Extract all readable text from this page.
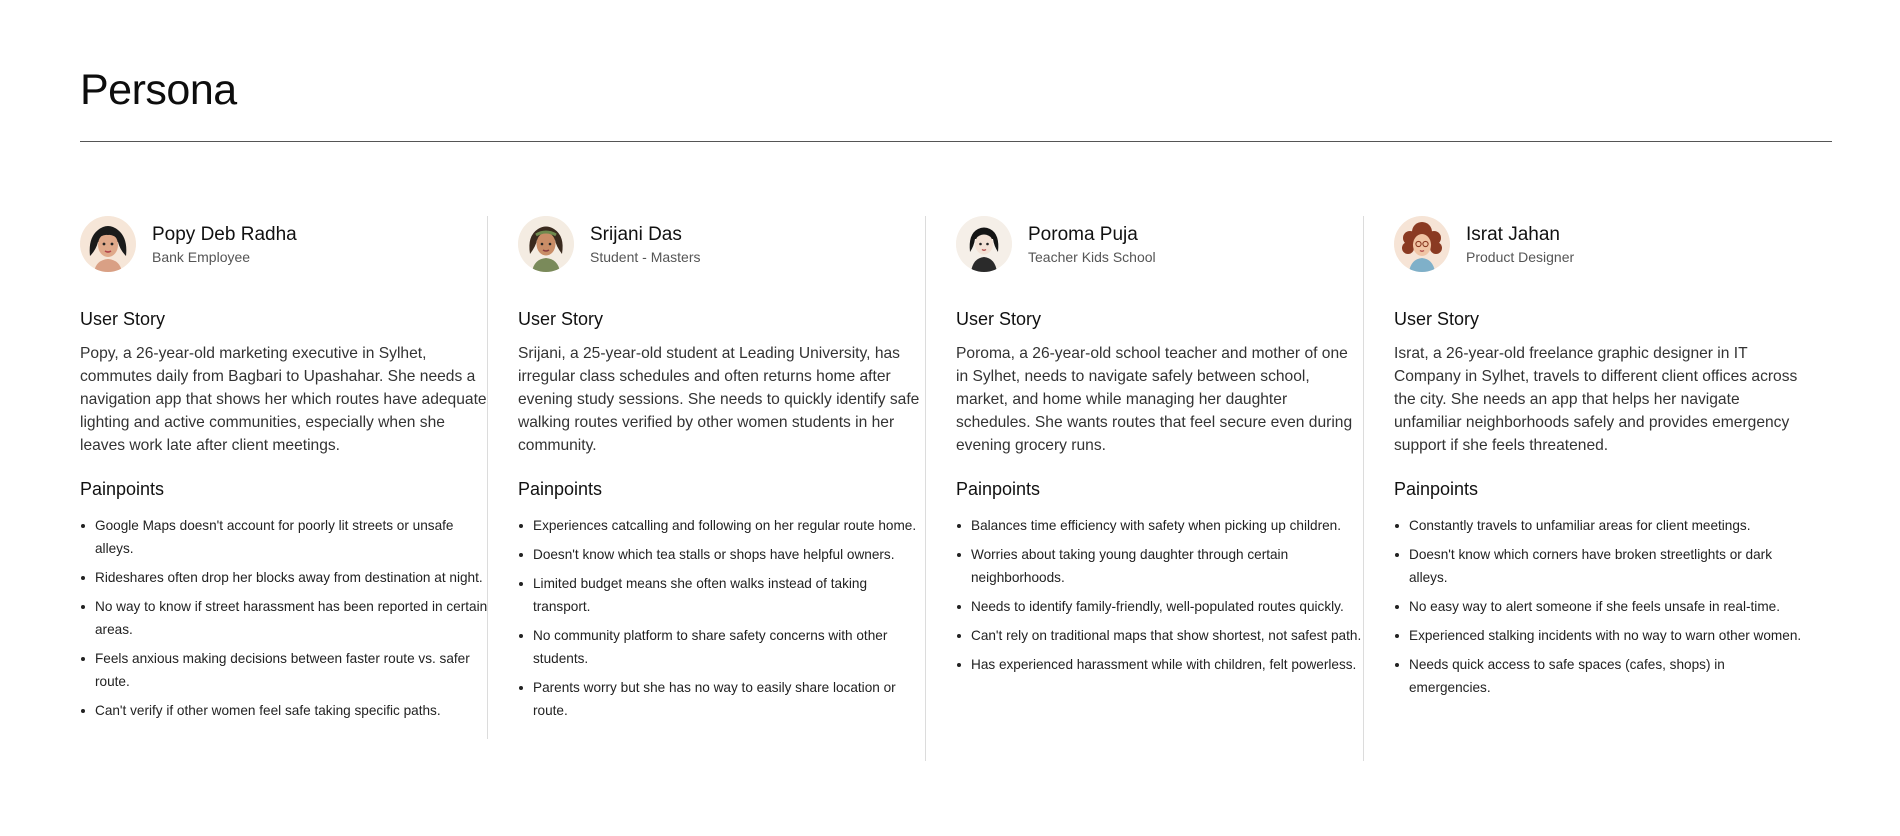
Persona
Popy Deb Radha
Bank Employee
User Story
Popy, a 26-year-old marketing executive in Sylhet, commutes daily from Bagbari to Upashahar. She needs a navigation app that shows her which routes have adequate lighting and active communities, especially when she leaves work late after client meetings.
Painpoints
Google Maps doesn't account for poorly lit streets or unsafe alleys.
Rideshares often drop her blocks away from destination at night.
No way to know if street harassment has been reported in certain areas.
Feels anxious making decisions between faster route vs. safer route.
Can't verify if other women feel safe taking specific paths.
Srijani Das
Student - Masters
User Story
Srijani, a 25-year-old student at Leading University, has irregular class schedules and often returns home after evening study sessions. She needs to quickly identify safe walking routes verified by other women students in her community.
Painpoints
Experiences catcalling and following on her regular route home.
Doesn't know which tea stalls or shops have helpful owners.
Limited budget means she often walks instead of taking transport.
No community platform to share safety concerns with other students.
Parents worry but she has no way to easily share location or route.
Poroma Puja
Teacher Kids School
User Story
Poroma, a 26-year-old school teacher and mother of one in Sylhet, needs to navigate safely between school, market, and home while managing her daughter schedules. She wants routes that feel secure even during evening grocery runs.
Painpoints
Balances time efficiency with safety when picking up children.
Worries about taking young daughter through certain neighborhoods.
Needs to identify family-friendly, well-populated routes quickly.
Can't rely on traditional maps that show shortest, not safest path.
Has experienced harassment while with children, felt powerless.
Israt Jahan
Product Designer
User Story
Israt, a 26-year-old freelance graphic designer in IT Company in Sylhet, travels to different client offices across the city. She needs an app that helps her navigate unfamiliar neighborhoods safely and provides emergency support if she feels threatened.
Painpoints
Constantly travels to unfamiliar areas for client meetings.
Doesn't know which corners have broken streetlights or dark alleys.
No easy way to alert someone if she feels unsafe in real-time.
Experienced stalking incidents with no way to warn other women.
Needs quick access to safe spaces (cafes, shops) in emergencies.
